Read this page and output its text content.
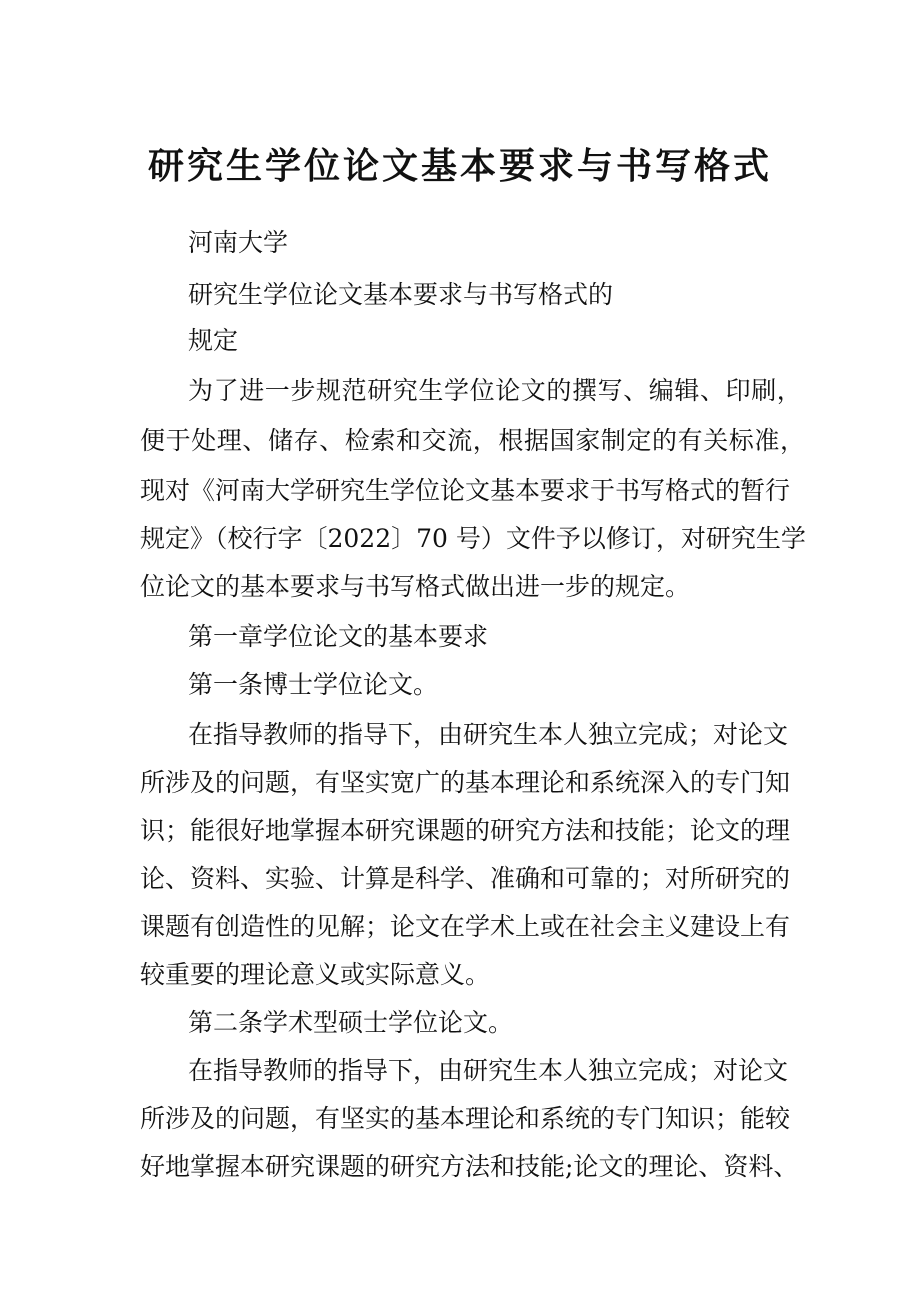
研究生学位论文基本要求与书写格式

河南大学

研究生学位论文基本要求与书写格式的

规定

为了进一步规范研究生学位论文的撰写、编辑、印刷，

便于处理、储存、检索和交流，根据国家制定的有关标准，

现对《河南大学研究生学位论文基本要求于书写格式的暂行

规定》（校行字〔2022〕70 号）文件予以修订，对研究生学

位论文的基本要求与书写格式做出进一步的规定。

第一章学位论文的基本要求

第一条博士学位论文。

在指导教师的指导下，由研究生本人独立完成；对论文

所涉及的问题，有坚实宽广的基本理论和系统深入的专门知

识；能很好地掌握本研究课题的研究方法和技能；论文的理

论、资料、实验、计算是科学、准确和可靠的；对所研究的

课题有创造性的见解；论文在学术上或在社会主义建设上有

较重要的理论意义或实际意义。

第二条学术型硕士学位论文。

在指导教师的指导下，由研究生本人独立完成；对论文

所涉及的问题，有坚实的基本理论和系统的专门知识；能较

好地掌握本研究课题的研究方法和技能;论文的理论、资料、
